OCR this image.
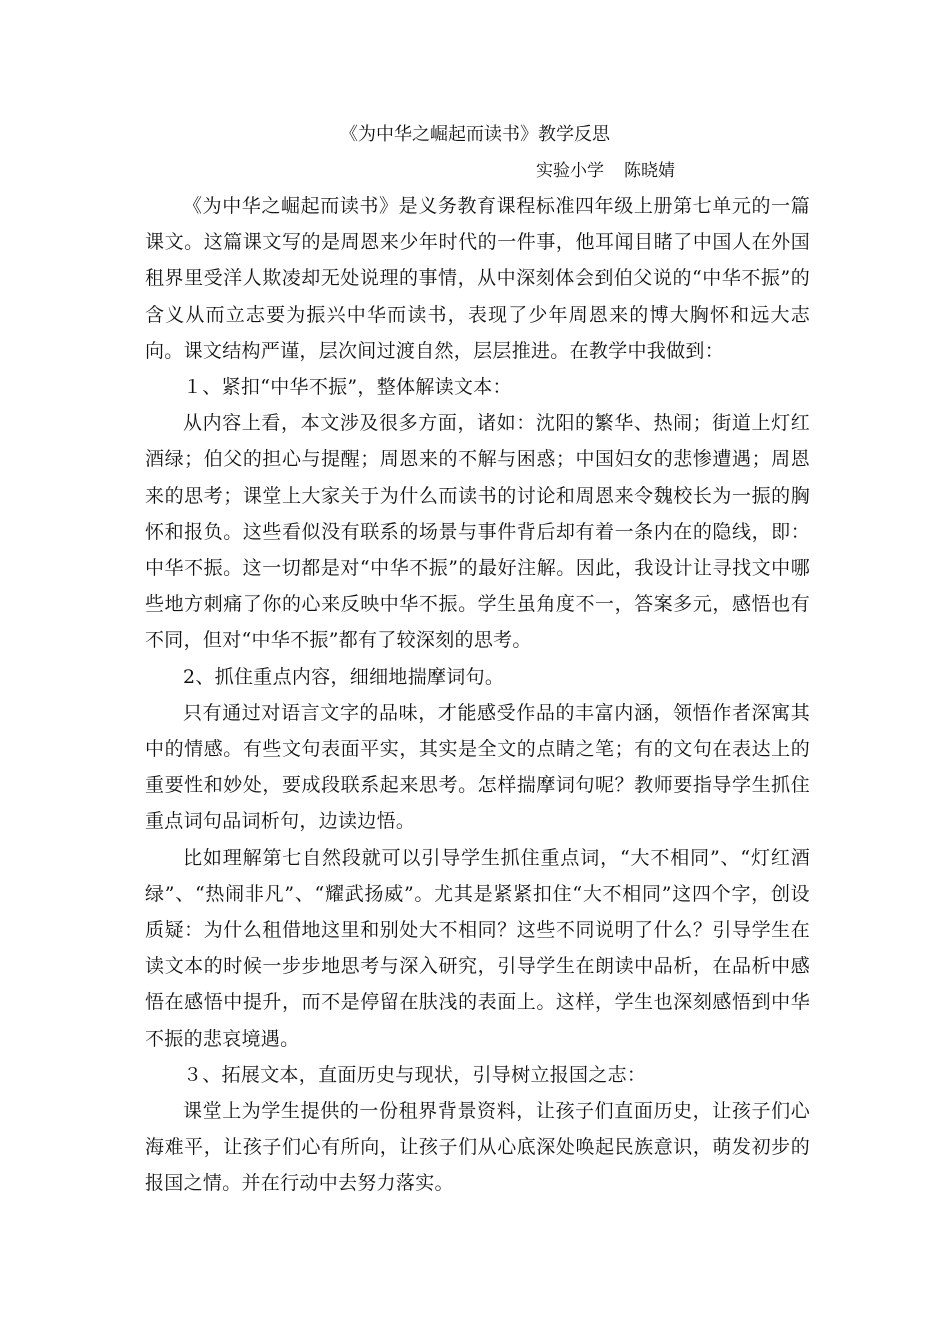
《为中华之崛起而读书》教学反思
实验小学 陈晓婧

《为中华之崛起而读书》是义务教育课程标准四年级上册第七单元的一篇课文。这篇课文写的是周恩来少年时代的一件事，他耳闻目睹了中国人在外国租界里受洋人欺凌却无处说理的事情，从中深刻体会到伯父说的“中华不振”的含义从而立志要为振兴中华而读书，表现了少年周恩来的博大胸怀和远大志向。课文结构严谨，层次间过渡自然，层层推进。在教学中我做到：

１、紧扣“中华不振”，整体解读文本：

从内容上看，本文涉及很多方面，诸如：沈阳的繁华、热闹；街道上灯红酒绿；伯父的担心与提醒；周恩来的不解与困惑；中国妇女的悲惨遭遇；周恩来的思考；课堂上大家关于为什么而读书的讨论和周恩来令魏校长为一振的胸怀和报负。这些看似没有联系的场景与事件背后却有着一条内在的隐线，即：中华不振。这一切都是对“中华不振”的最好注解。因此，我设计让寻找文中哪些地方刺痛了你的心来反映中华不振。学生虽角度不一，答案多元，感悟也有不同，但对“中华不振”都有了较深刻的思考。

2、抓住重点内容，细细地揣摩词句。

只有通过对语言文字的品味，才能感受作品的丰富内涵，领悟作者深寓其中的情感。有些文句表面平实，其实是全文的点睛之笔；有的文句在表达上的重要性和妙处，要成段联系起来思考。怎样揣摩词句呢？教师要指导学生抓住重点词句品词析句，边读边悟。

比如理解第七自然段就可以引导学生抓住重点词，“大不相同”、“灯红酒绿”、“热闹非凡”、“耀武扬威”。尤其是紧紧扣住“大不相同”这四个字，创设质疑：为什么租借地这里和别处大不相同？这些不同说明了什么？引导学生在读文本的时候一步步地思考与深入研究，引导学生在朗读中品析，在品析中感悟在感悟中提升，而不是停留在肤浅的表面上。这样，学生也深刻感悟到中华不振的悲哀境遇。

３、拓展文本，直面历史与现状，引导树立报国之志：

课堂上为学生提供的一份租界背景资料，让孩子们直面历史，让孩子们心海难平，让孩子们心有所向，让孩子们从心底深处唤起民族意识，萌发初步的报国之情。并在行动中去努力落实。
